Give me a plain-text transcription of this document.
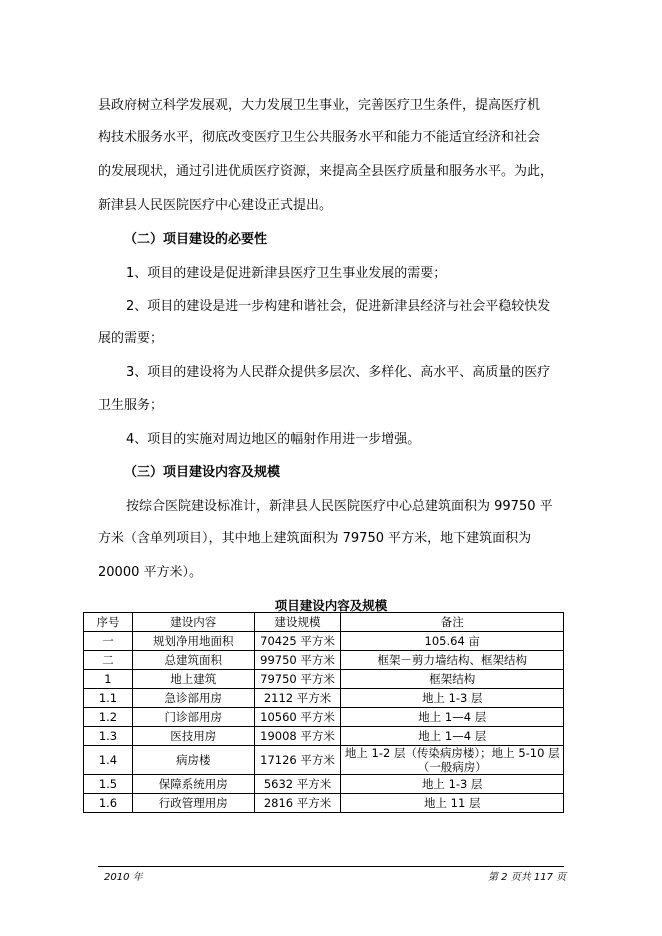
县政府树立科学发展观，大力发展卫生事业，完善医疗卫生条件，提高医疗机
构技术服务水平，彻底改变医疗卫生公共服务水平和能力不能适宜经济和社会
的发展现状，通过引进优质医疗资源，来提高全县医疗质量和服务水平。为此，
新津县人民医院医疗中心建设正式提出。
（二）项目建设的必要性
1、项目的建设是促进新津县医疗卫生事业发展的需要；
2、项目的建设是进一步构建和谐社会，促进新津县经济与社会平稳较快发
展的需要；
3、项目的建设将为人民群众提供多层次、多样化、高水平、高质量的医疗
卫生服务；
4、项目的实施对周边地区的幅射作用进一步增强。
（三）项目建设内容及规模
按综合医院建设标准计，新津县人民医院医疗中心总建筑面积为 99750 平
方米（含单列项目），其中地上建筑面积为 79750 平方米，地下建筑面积为
20000 平方米）。
项目建设内容及规模
序号	建设内容	建设规模	备注
一	规划净用地面积	70425 平方米	105.64 亩
二	总建筑面积	99750 平方米	框架－剪力墙结构、框架结构
1	地上建筑	79750 平方米	框架结构
1.1	急诊部用房	2112 平方米	地上 1-3 层
1.2	门诊部用房	10560 平方米	地上 1—4 层
1.3	医技用房	19008 平方米	地上 1—4 层
1.4	病房楼	17126 平方米	地上 1-2 层（传染病房楼）；地上 5-10 层
（一般病房）
1.5	保障系统用房	5632 平方米	地上 1-3 层
1.6	行政管理用房	2816 平方米	地上 11 层
2010 年	第 2 页共 117 页
